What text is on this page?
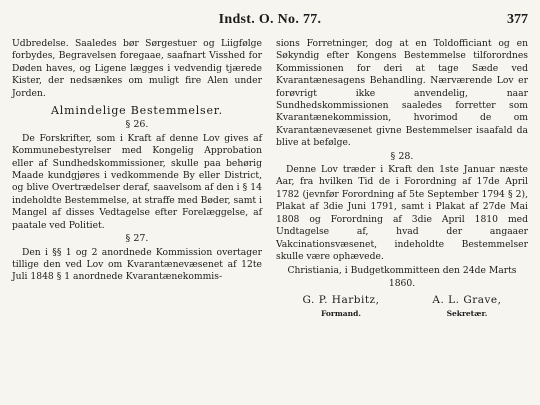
Indst. O. No. 77.	377

Udbredelse. Saaledes bør Sørgestuer og Liigfølge forbydes, Begravelsen foregaae, saafnart Visshed for Døden haves, og Ligene lægges i vedvendig tjærede Kister, der nedsænkes om muligt fire Alen under Jorden.

Almindelige Bestemmelser.
§ 26.

De Forskrifter, som i Kraft af denne Lov gives af Kommunebestyrelser med Kongelig Approbation eller af Sundhedskommissioner, skulle paa behørig Maade kundgjøres i vedkommende By eller District, og blive Overtrædelser deraf, saavelsom af den i § 14 indeholdte Bestemmelse, at straffe med Bøder, samt i Mangel af disses Vedtagelse efter Forelæggelse, af paatale ved Politiet.

§ 27.

Den i §§ 1 og 2 anordnede Kommission overtager tillige den ved Lov om Kvarantænevæsenet af 12te Juli 1848 § 1 anordnede Kvarantænekommis-

sions Forretninger, dog at en Toldofficiant og en Søkyndig efter Kongens Bestemmelse tilforordnes Kommissionen for deri at tage Sæde ved Kvarantænesagens Behandling. Nærværende Lov er forøvrigt ikke anvendelig, naar Sundhedskommissionen saaledes forretter som Kvarantænekommission, hvorimod de om Kvarantænevæsenet givne Bestemmelser isaafald da blive at befølge.

§ 28.

Denne Lov træder i Kraft den 1ste Januar næste Aar, fra hvilken Tid de i Forordning af 17de April 1782 (jevnfør Forordning af 5te September 1794 § 2), Plakat af 3die Juni 1791, samt i Plakat af 27de Mai 1808 og Forordning af 3die April 1810 med Undtagelse af, hvad der angaaer Vakcinationsvæsenet, indeholdte Bestemmelser skulle være ophævede.

Christiania, i Budgetkommitteen den 24de Marts 1860.
G. P. Harbitz,
Formand.
A. L. Grave,
Sekretær.
